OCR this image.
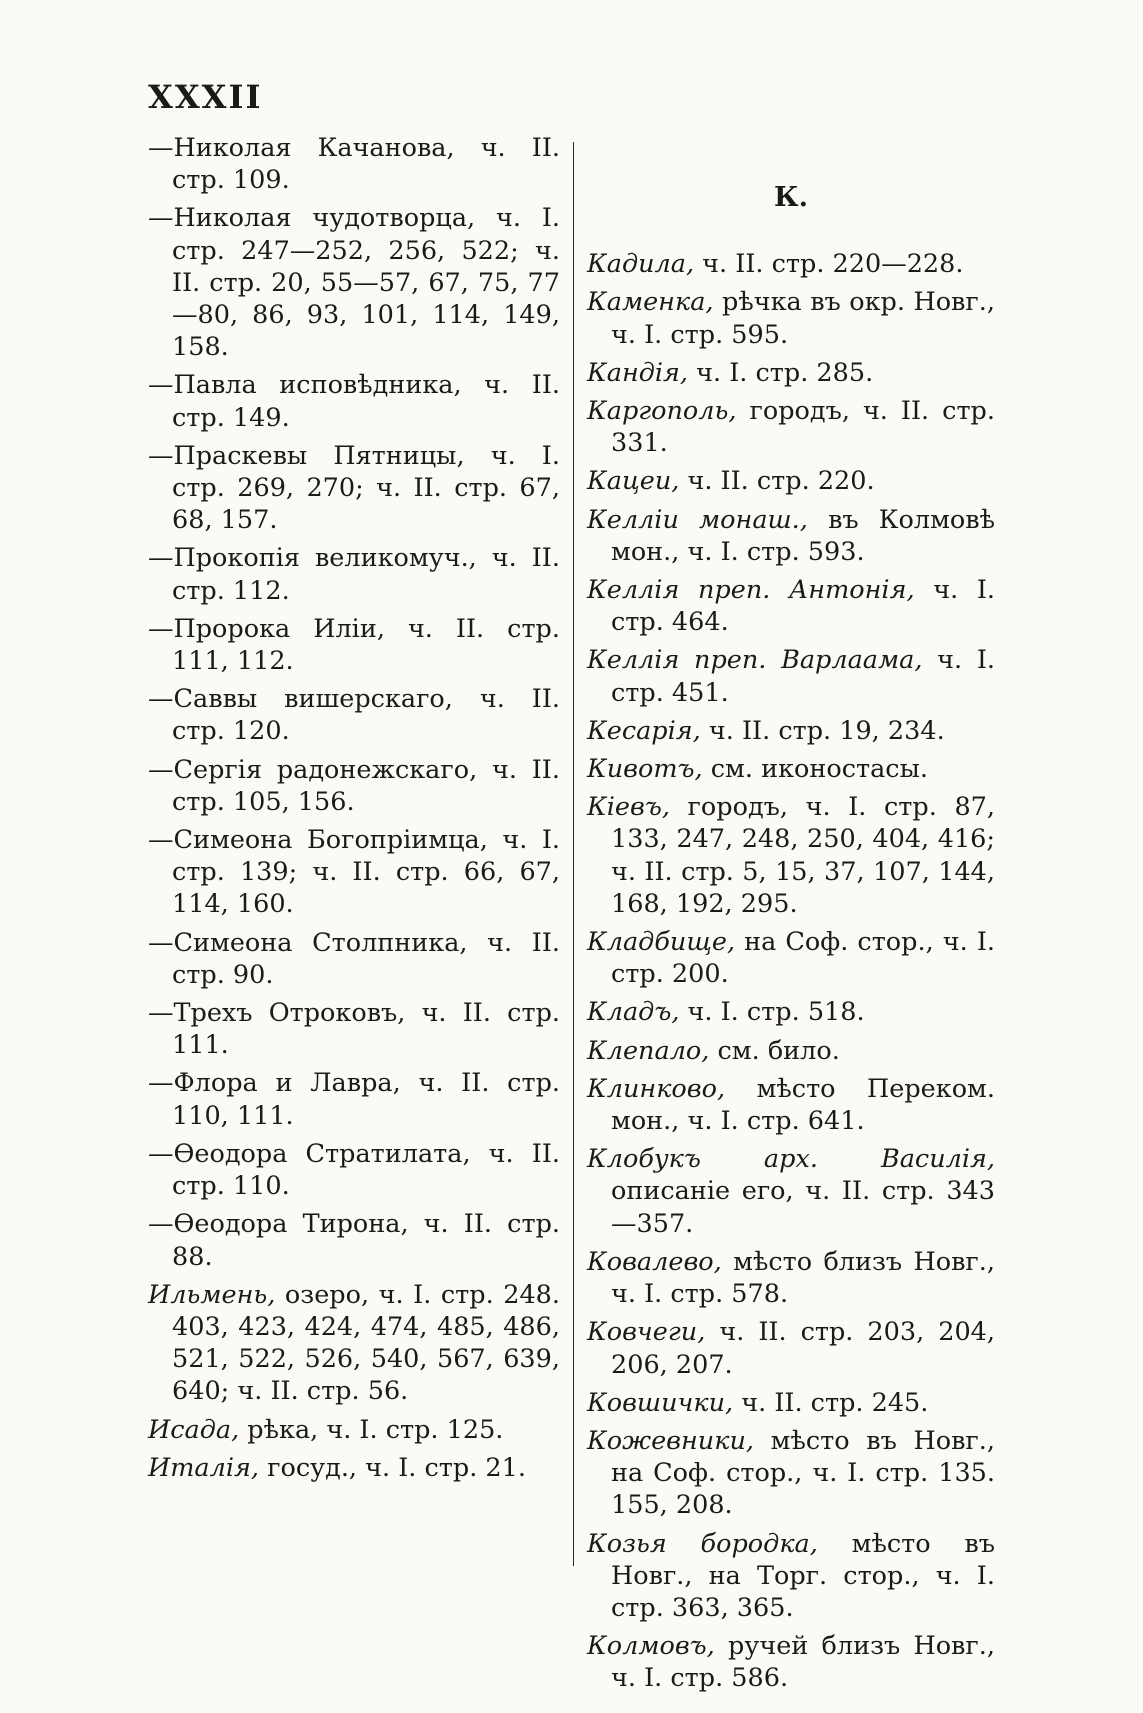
XXXII
—Николая Качанова, ч. II. стр. 109.
—Николая чудотворца, ч. I. стр. 247—252, 256, 522; ч. II. стр. 20, 55—57, 67, 75, 77—80, 86, 93, 101, 114, 149, 158.
—Павла исповѣдника, ч. II. стр. 149.
—Праскевы Пятницы, ч. I. стр. 269, 270; ч. II. стр. 67, 68, 157.
—Прокопія великомуч., ч. II. стр. 112.
—Пророка Иліи, ч. II. стр. 111, 112.
—Саввы вишерскаго, ч. II. стр. 120.
—Сергія радонежскаго, ч. II. стр. 105, 156.
—Симеона Богопріимца, ч. I. стр. 139; ч. II. стр. 66, 67, 114, 160.
—Симеона Столпника, ч. II. стр. 90.
—Трехъ Отроковъ, ч. II. стр. 111.
—Флора и Лавра, ч. II. стр. 110, 111.
—Ѳеодора Стратилата, ч. II. стр. 110.
—Ѳеодора Тирона, ч. II. стр. 88.
Ильмень, озеро, ч. I. стр. 248. 403, 423, 424, 474, 485, 486, 521, 522, 526, 540, 567, 639, 640; ч. II. стр. 56.
Исада, рѣка, ч. I. стр. 125.
Италія, госуд., ч. I. стр. 21.
К.
Кадила, ч. II. стр. 220—228.
Каменка, рѣчка въ окр. Новг., ч. I. стр. 595.
Кандія, ч. I. стр. 285.
Каргополь, городъ, ч. II. стр. 331.
Кацеи, ч. II. стр. 220.
Келліи монаш., въ Колмовѣ мон., ч. I. стр. 593.
Келлія преп. Антонія, ч. I. стр. 464.
Келлія преп. Варлаама, ч. I. стр. 451.
Кесарія, ч. II. стр. 19, 234.
Кивотъ, см. иконостасы.
Кіевъ, городъ, ч. I. стр. 87, 133, 247, 248, 250, 404, 416; ч. II. стр. 5, 15, 37, 107, 144, 168, 192, 295.
Кладбище, на Соф. стор., ч. I. стр. 200.
Кладъ, ч. I. стр. 518.
Клепало, см. било.
Клинково, мѣсто Переком. мон., ч. I. стр. 641.
Клобукъ арх. Василія, описаніе его, ч. II. стр. 343—357.
Ковалево, мѣсто близъ Новг., ч. I. стр. 578.
Ковчеги, ч. II. стр. 203, 204, 206, 207.
Ковшички, ч. II. стр. 245.
Кожевники, мѣсто въ Новг., на Соф. стор., ч. I. стр. 135. 155, 208.
Козья бородка, мѣсто въ Новг., на Торг. стор., ч. I. стр. 363, 365.
Колмовъ, ручей близъ Новг., ч. I. стр. 586.
